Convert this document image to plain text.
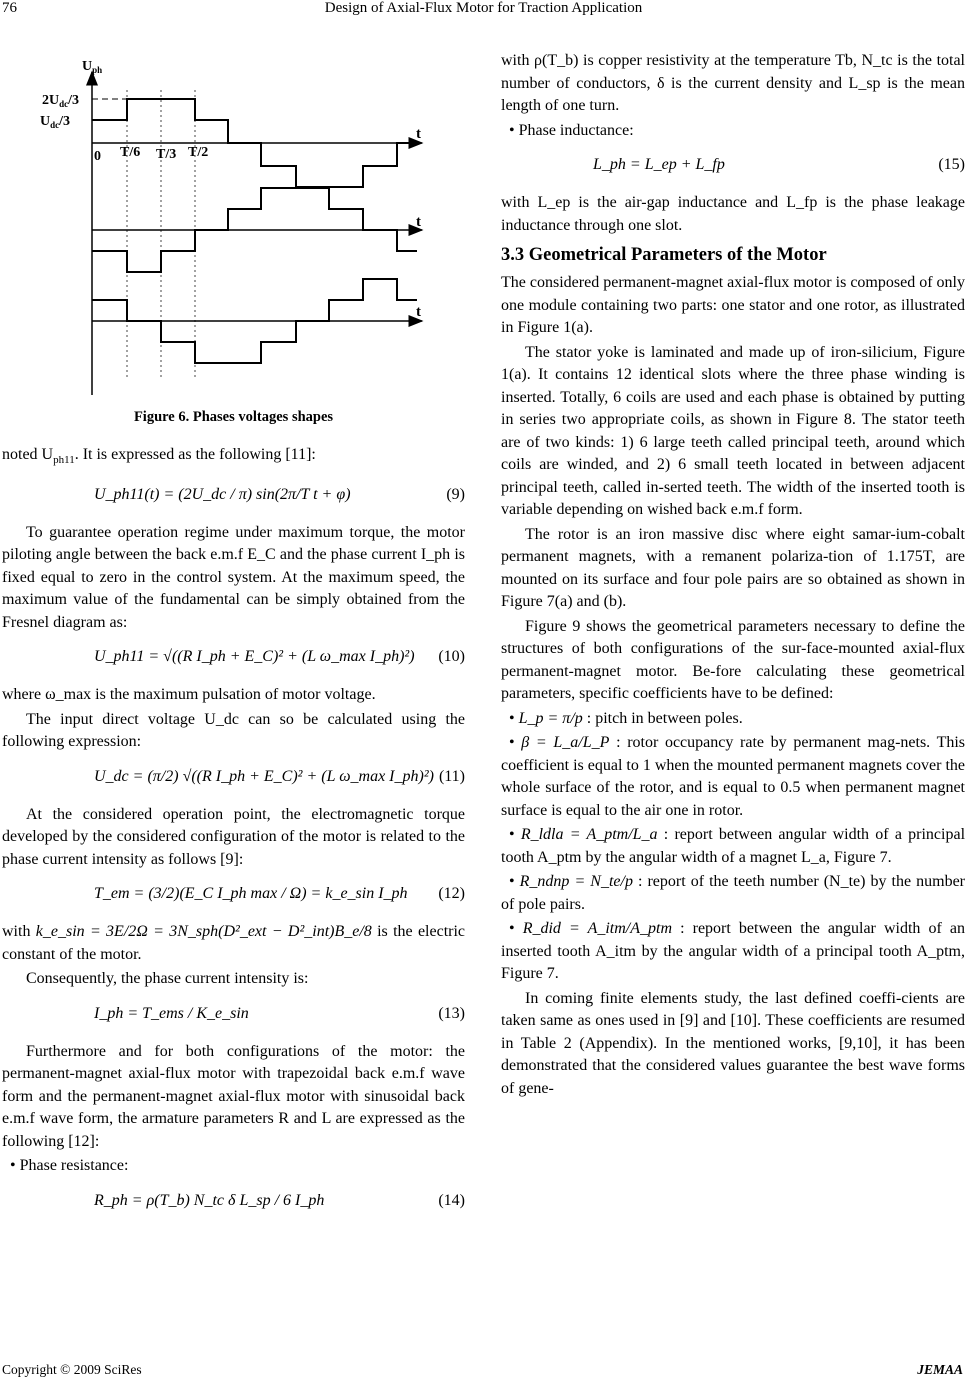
76	Design of Axial-Flux Motor for Traction Application
$U_{ph}$
$2U_{dc}/3$
$U_{dc}/3$
0 T/6 T/3 T/2
t
t
t
Figure 6. Phases voltages shapes

noted $U_{ph11}$. It is expressed as the following [11]:

U_ph11(t) = (2U_dc / π) sin(2π/T t + φ)	(9)

To guarantee operation regime under maximum torque, the motor piloting angle between the back e.m.f E_C and the phase current I_ph is fixed equal to zero in the control system. At the maximum speed, the maximum value of the fundamental can be simply obtained from the Fresnel diagram as:

U_ph11 = √((R I_ph + E_C)² + (L ω_max I_ph)²) (10)

where ω_max is the maximum pulsation of motor voltage.

The input direct voltage U_dc can so be calculated using the following expression:

U_dc = (π/2) √((R I_ph + E_C)² + (L ω_max I_ph)²) (11)

At the considered operation point, the electromagnetic torque developed by the considered configuration of the motor is related to the phase current intensity as follows [9]:

T_em = (3/2)(E_C I_ph max / Ω) = k_e_sin I_ph (12)

with k_e_sin = 3E/2Ω = 3N_sph(D²_ext − D²_int)B_e/8 is the electric constant of the motor.

Consequently, the phase current intensity is:

I_ph = T_ems / K_e_sin	(13)

Furthermore and for both configurations of the motor: the permanent-magnet axial-flux motor with trapezoidal back e.m.f wave form and the permanent-magnet axial-flux motor with sinusoidal back e.m.f wave form, the armature parameters R and L are expressed as the following [12]:

• Phase resistance:
R_ph = ρ(T_b) N_tc δ L_sp / 6 I_ph	(14)

with ρ(T_b) is copper resistivity at the temperature Tb, N_tc is the total number of conductors, δ is the current density and L_sp is the mean length of one turn.

• Phase inductance:
L_ph = L_ep + L_fp	(15)

with L_ep is the air-gap inductance and L_fp is the phase leakage inductance through one slot.

3.3 Geometrical Parameters of the Motor

The considered permanent-magnet axial-flux motor is composed of only one module containing two parts: one stator and one rotor, as illustrated in Figure 1(a).

The stator yoke is laminated and made up of iron-silicium, Figure 1(a). It contains 12 identical slots where the three phase winding is inserted. Totally, 6 coils are used and each phase is obtained by putting in series two appropriate coils, as shown in Figure 8. The stator teeth are of two kinds: 1) 6 large teeth called principal teeth, around which coils are winded, and 2) 6 small teeth located in between adjacent principal teeth, called in-serted teeth. The width of the inserted tooth is variable depending on wished back e.m.f form.

The rotor is an iron massive disc where eight samar-ium-cobalt permanent magnets, with a remanent polariza-tion of 1.175T, are mounted on its surface and four pole pairs are so obtained as shown in Figure 7(a) and (b).

Figure 9 shows the geometrical parameters necessary to define the structures of both configurations of the sur-face-mounted axial-flux permanent-magnet motor. Be-fore calculating these geometrical parameters, specific coefficients have to be defined:

• L_p = π/p : pitch in between poles.
• β = L_a/L_P : rotor occupancy rate by permanent mag-nets. This coefficient is equal to 1 when the mounted permanent magnets cover the whole surface of the rotor, and is equal to 0.5 when permanent magnet surface is equal to the air one in rotor.
• R_ldla = A_ptm/L_a : report between angular width of a principal tooth A_ptm by the angular width of a magnet L_a, Figure 7.
• R_ndnp = N_te/p : report of the teeth number (N_te) by the number of pole pairs.
• R_did = A_itm/A_ptm : report between the angular width of an inserted tooth A_itm by the angular width of a principal tooth A_ptm, Figure 7.

In coming finite elements study, the last defined coeffi-cients are taken same as ones used in [9] and [10]. These coefficients are resumed in Table 2 (Appendix). In the mentioned works, [9,10], it has been demonstrated that the considered values guarantee the best wave forms of gene-

Copyright © 2009 SciRes	JEMAA
